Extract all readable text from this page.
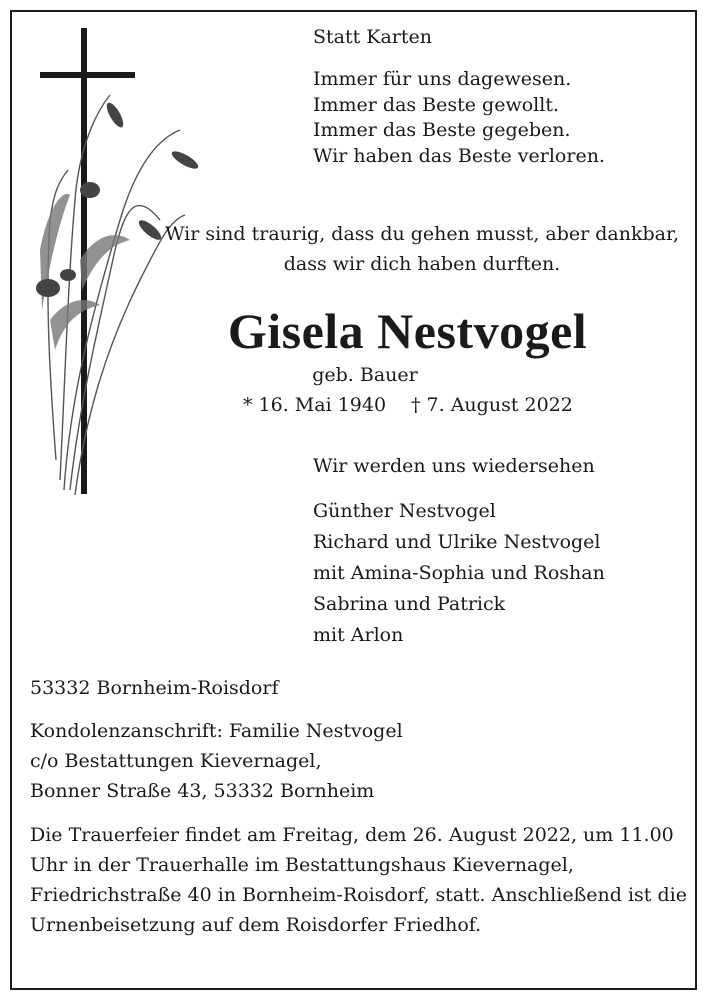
Statt Karten
Immer für uns dagewesen.
Immer das Beste gewollt.
Immer das Beste gegeben.
Wir haben das Beste verloren.
Wir sind traurig, dass du gehen musst, aber dankbar,
dass wir dich haben durften.
Gisela Nestvogel
geb. Bauer
* 16. Mai 1940 † 7. August 2022
Wir werden uns wiedersehen
Günther Nestvogel
Richard und Ulrike Nestvogel
mit Amina-Sophia und Roshan
Sabrina und Patrick
mit Arlon
53332 Bornheim-Roisdorf
Kondolenzanschrift: Familie Nestvogel
c/o Bestattungen Kievernagel,
Bonner Straße 43, 53332 Bornheim
Die Trauerfeier findet am Freitag, dem 26. August 2022, um 11.00
Uhr in der Trauerhalle im Bestattungshaus Kievernagel,
Friedrichstraße 40 in Bornheim-Roisdorf, statt. Anschließend ist die
Urnenbeisetzung auf dem Roisdorfer Friedhof.
